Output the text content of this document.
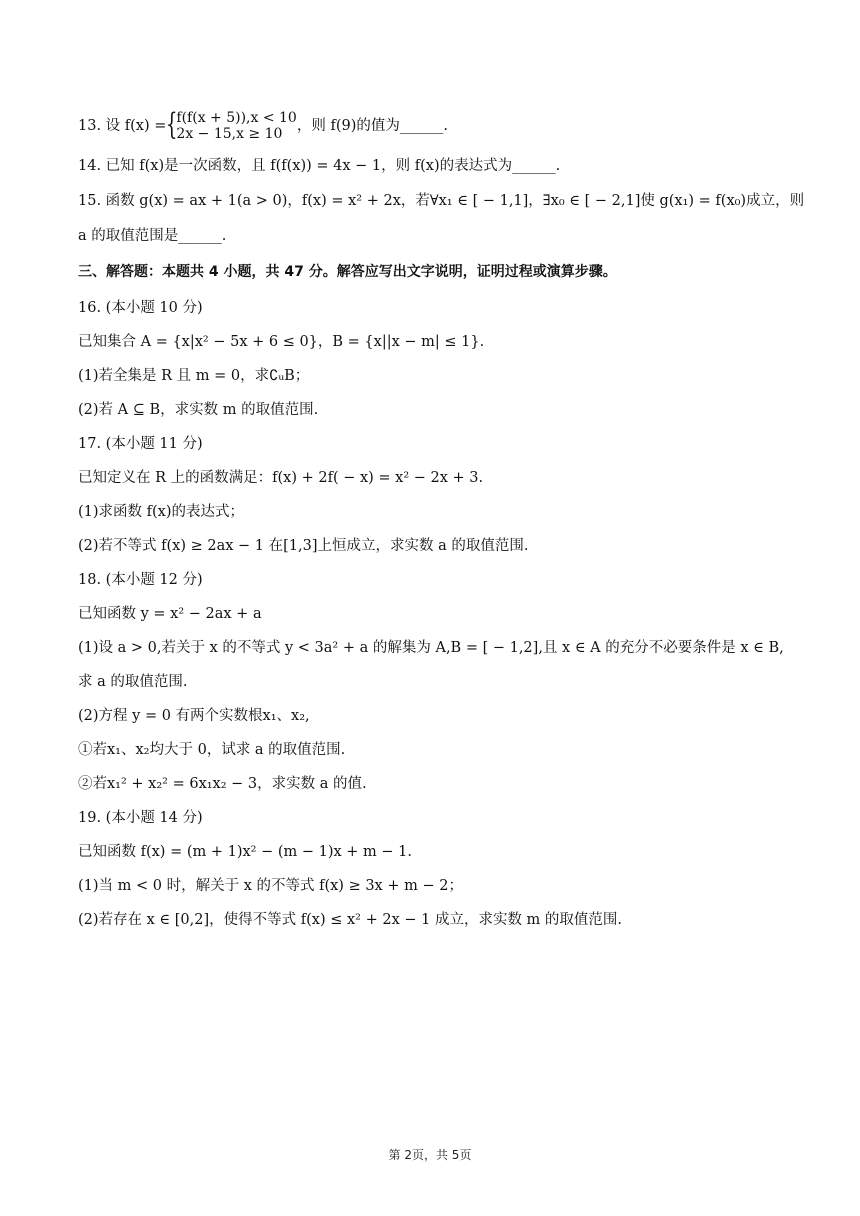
13. 设 f(x) = {
f(f(x + 5)),x < 10
2x − 15,x ≥ 10 ，则 f(9)的值为______.
14. 已知 f(x)是一次函数，且 f(f(x)) = 4x − 1，则 f(x)的表达式为______.
15. 函数 g(x) = ax + 1(a > 0)，f(x) = x² + 2x，若∀x₁ ∈ [ − 1,1]，∃x₀ ∈ [ − 2,1]使 g(x₁) = f(x₀)成立，则
a 的取值范围是______.
三、解答题：本题共 4 小题，共 47 分。解答应写出文字说明，证明过程或演算步骤。
16. (本小题 10 分)
已知集合 A = {x|x² − 5x + 6 ≤ 0}，B = {x||x − m| ≤ 1}.
(1)若全集是 R 且 m = 0，求∁ᵤB；
(2)若 A ⊆ B，求实数 m 的取值范围.
17. (本小题 11 分)
已知定义在 R 上的函数满足：f(x) + 2f( − x) = x² − 2x + 3.
(1)求函数 f(x)的表达式；
(2)若不等式 f(x) ≥ 2ax − 1 在[1,3]上恒成立，求实数 a 的取值范围.
18. (本小题 12 分)
已知函数 y = x² − 2ax + a
(1)设 a > 0,若关于 x 的不等式 y < 3a² + a 的解集为 A,B = [ − 1,2],且 x ∈ A 的充分不必要条件是 x ∈ B,
求 a 的取值范围.
(2)方程 y = 0 有两个实数根x₁、x₂,
①若x₁、x₂均大于 0，试求 a 的取值范围.
②若x₁² + x₂² = 6x₁x₂ − 3，求实数 a 的值.
19. (本小题 14 分)
已知函数 f(x) = (m + 1)x² − (m − 1)x + m − 1.
(1)当 m < 0 时，解关于 x 的不等式 f(x) ≥ 3x + m − 2；
(2)若存在 x ∈ [0,2]，使得不等式 f(x) ≤ x² + 2x − 1 成立，求实数 m 的取值范围.
第 2页，共 5页
